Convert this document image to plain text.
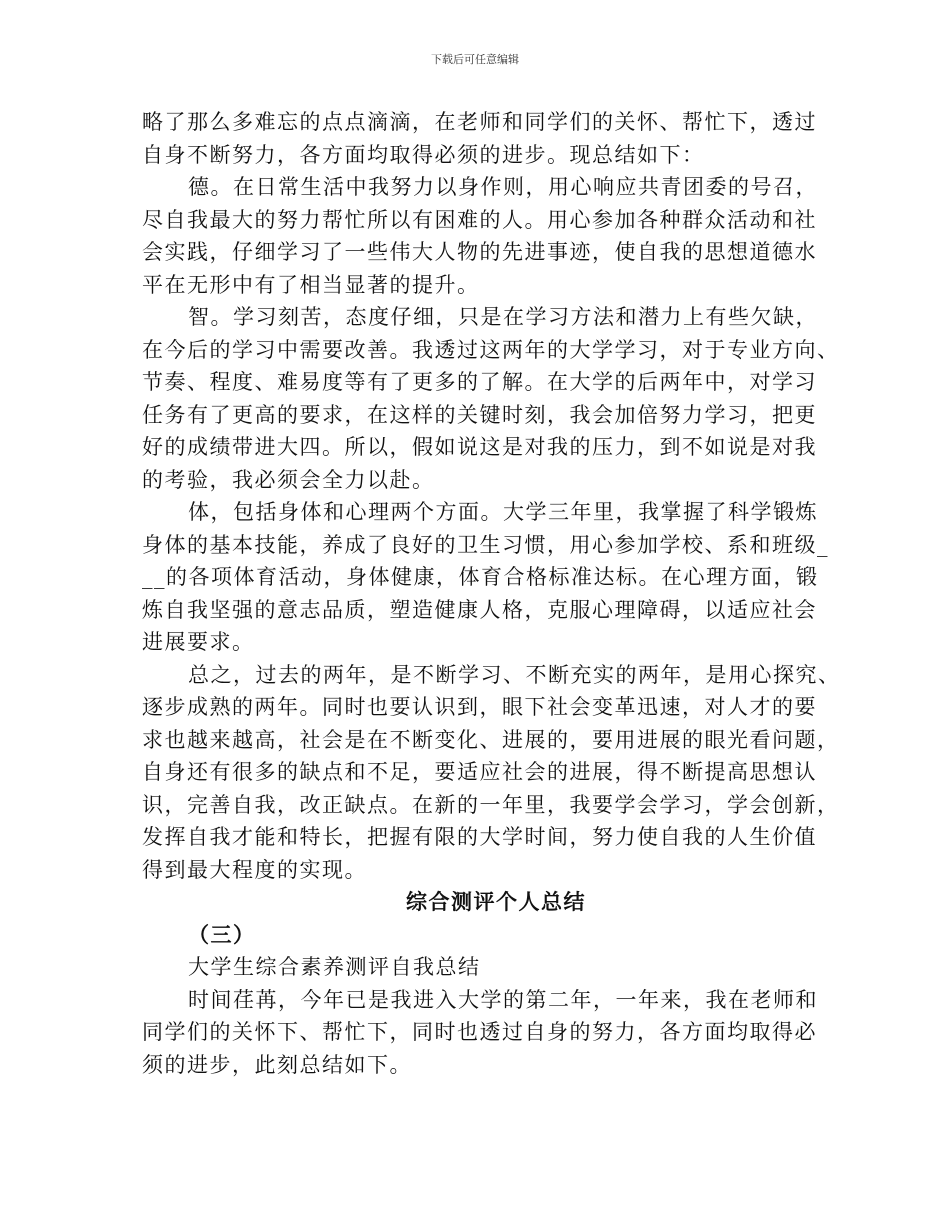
下载后可任意编辑
略了那么多难忘的点点滴滴，在老师和同学们的关怀、帮忙下，透过
自身不断努力，各方面均取得必须的进步。现总结如下：
德。在日常生活中我努力以身作则，用心响应共青团委的号召，
尽自我最大的努力帮忙所以有困难的人。用心参加各种群众活动和社
会实践，仔细学习了一些伟大人物的先进事迹，使自我的思想道德水
平在无形中有了相当显著的提升。
智。学习刻苦，态度仔细，只是在学习方法和潜力上有些欠缺，
在今后的学习中需要改善。我透过这两年的大学学习，对于专业方向、
节奏、程度、难易度等有了更多的了解。在大学的后两年中，对学习
任务有了更高的要求，在这样的关键时刻，我会加倍努力学习，把更
好的成绩带进大四。所以，假如说这是对我的压力，到不如说是对我
的考验，我必须会全力以赴。
体，包括身体和心理两个方面。大学三年里，我掌握了科学锻炼
身体的基本技能，养成了良好的卫生习惯，用心参加学校、系和班级_
__的各项体育活动，身体健康，体育合格标准达标。在心理方面，锻
炼自我坚强的意志品质，塑造健康人格，克服心理障碍，以适应社会
进展要求。
总之，过去的两年，是不断学习、不断充实的两年，是用心探究、
逐步成熟的两年。同时也要认识到，眼下社会变革迅速，对人才的要
求也越来越高，社会是在不断变化、进展的，要用进展的眼光看问题，
自身还有很多的缺点和不足，要适应社会的进展，得不断提高思想认
识，完善自我，改正缺点。在新的一年里，我要学会学习，学会创新，
发挥自我才能和特长，把握有限的大学时间，努力使自我的人生价值
得到最大程度的实现。
综合测评个人总结
（三）
大学生综合素养测评自我总结
时间荏苒，今年已是我进入大学的第二年，一年来，我在老师和
同学们的关怀下、帮忙下，同时也透过自身的努力，各方面均取得必
须的进步，此刻总结如下。
